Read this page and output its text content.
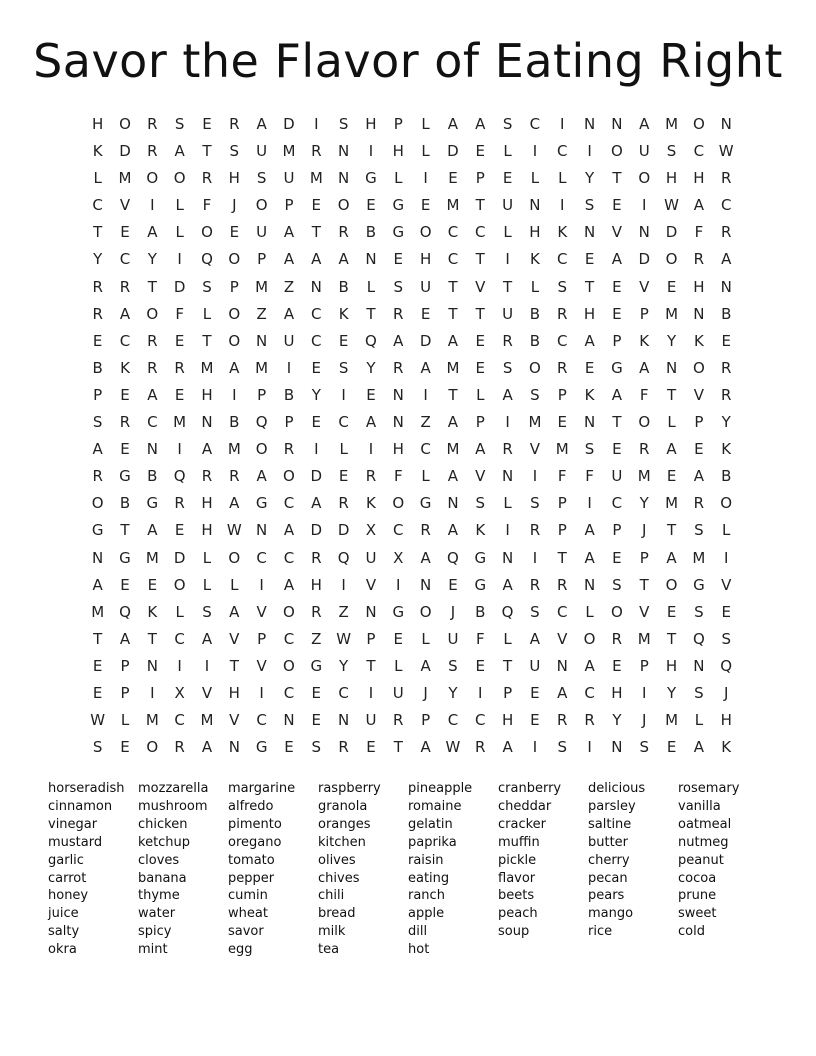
Savor the Flavor of Eating Right
H	O	R	S	E	R	A	D	I	S	H	P	L	A	A	S	C	I	N	N	A	M O	N
K	D	R	A	T	S	U	M	R	N	I	H	L	D	E	L	I	C	I	O	U	S	C W
L	M O	O	R	H	S	U	M	N	G	L	I	E	P	E	L	L	Y	T	O	H	H	R
C	V	I	L	F	J	O	P	E	O	E	G	E	M	T	U	N	I	S	E	I	W A	C
T	E	A	L	O	E	U	A	T	R	B	G	O	C	C	L	H	K	N	V	N	D	F	R
Y	C	Y	I	Q	O	P	A	A	A	N	E	H	C	T	I	K	C	E	A	D	O	R	A
R	R	T	D	S	P	M	Z	N	B	L	S	U	T	V	T	L	S	T	E	V	E	H	N
R	A	O	F	L	O	Z	A	C	K	T	R	E	T	T	U	B	R	H	E	P	M	N	B
E	C	R	E	T	O	N	U	C	E	Q	A	D	A	E	R	B	C	A	P	K	Y	K	E
B	K	R	R	M	A	M	I	E	S	Y	R	A	M	E	S	O	R	E	G	A	N	O	R
P	E	A	E	H	I	P	B	Y	I	E	N	I	T	L	A	S	P	K	A	F	T	V	R
S	R	C	M	N	B	Q	P	E	C	A	N	Z	A	P	I	M	E	N	T	O	L	P	Y
A	E	N	I	A	M O	R	I	L	I	H	C	M	A	R	V	M	S	E	R	A	E	K
R	G	B	Q	R	R	A	O	D	E	R	F	L	A	V	N	I	F	F	U	M	E	A	B
O	B	G	R	H	A	G	C	A	R	K	O	G	N	S	L	S	P	I	C	Y	M	R	O
G	T	A	E	H W N	A	D	D	X	C	R	A	K	I	R	P	A	P	J	T	S	L
N	G	M	D	L	O	C	C	R	Q	U	X	A	Q	G	N	I	T	A	E	P	A	M	I
A	E	E	O	L	L	I	A	H	I	V	I	N	E	G	A	R	R	N	S	T	O	G	V
M Q	K	L	S	A	V	O	R	Z	N	G	O	J	B	Q	S	C	L	O	V	E	S	E
T	A	T	C	A	V	P	C	Z W	P	E	L	U	F	L	A	V	O	R	M	T	Q	S
E	P	N	I	I	T	V	O	G	Y	T	L	A	S	E	T	U	N	A	E	P	H	N	Q
E	P	I	X	V	H	I	C	E	C	I	U	J	Y	I	P	E	A	C	H	I	Y	S	J
W	L	M	C	M	V	C	N	E	N	U	R	P	C	C	H	E	R	R	Y	J	M	L	H
S	E	O	R	A	N	G	E	S	R	E	T	A W R	A	I	S	I	N	S	E	A	K
horseradish
cinnamon
vinegar
mustard
garlic
carrot
honey
juice
salty
okra
mozzarella
mushroom
chicken
ketchup
cloves
banana
thyme
water
spicy
mint
margarine
alfredo
pimento
oregano
tomato
pepper
cumin
wheat
savor
egg
raspberry
granola
oranges
kitchen
olives
chives
chili
bread
milk
tea
pineapple
romaine
gelatin
paprika
raisin
eating
ranch
apple
dill
hot
cranberry
cheddar
cracker
muffin
pickle
flavor
beets
peach
soup
delicious
parsley
saltine
butter
cherry
pecan
pears
mango
rice
rosemary
vanilla
oatmeal
nutmeg
peanut
cocoa
prune
sweet
cold
